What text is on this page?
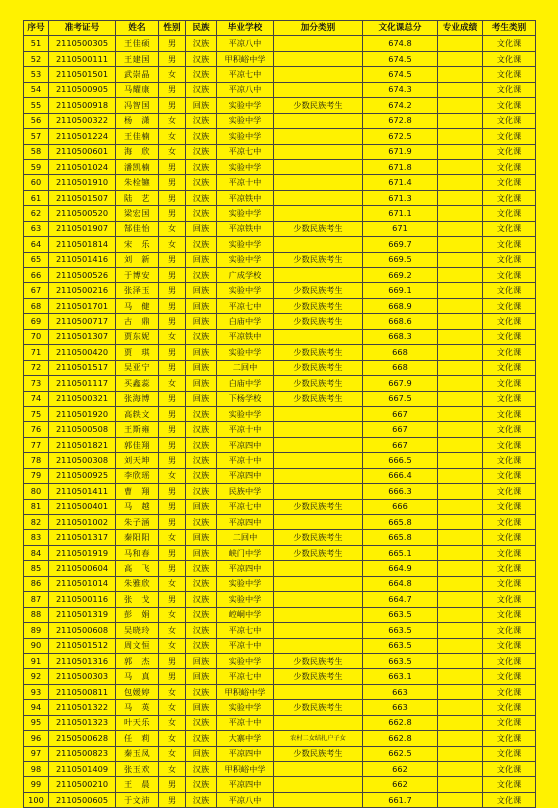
序号	准考证号	姓名	性别	民族	毕业学校	加分类别	文化课总分	专业成绩	考生类别
51	2110500305	王佳硕	男	汉族	平凉八中		674.8		文化课
52	2110500111	王建国	男	汉族	甲积峪中学		674.5		文化课
53	2110501501	武崇晶	女	汉族	平凉七中		674.5		文化课
54	2110500905	马耀康	男	汉族	平凉八中		674.3		文化课
55	2110500918	冯智国	男	回族	实验中学	少数民族考生	674.2		文化课
56	2110500322	杨　潇	女	汉族	实验中学		672.8		文化课
57	2110501224	王佳楠	女	汉族	实验中学		672.5		文化课
58	2110500601	海　欣	女	汉族	平凉七中		671.9		文化课
59	2110501024	潘凯楠	男	汉族	实验中学		671.8		文化课
60	2110501910	朱栓镳	男	汉族	平凉十中		671.4		文化课
61	2110501507	陆　艺	男	汉族	平凉铁中		671.3		文化课
62	2110500520	梁宏国	男	汉族	实验中学		671.1		文化课
63	2110501907	郜佳怡	女	回族	平凉铁中	少数民族考生	671		文化课
64	2110501814	宋　乐	女	汉族	实验中学		669.7		文化课
65	2110501416	刘　新	男	回族	实验中学	少数民族考生	669.5		文化课
66	2110500526	于博安	男	汉族	广成学校		669.2		文化课
67	2110500216	张泽玉	男	回族	实验中学	少数民族考生	669.1		文化课
68	2110501701	马　健	男	回族	平凉七中	少数民族考生	668.9		文化课
69	2110500717	古　鼎	男	回族	白庙中学	少数民族考生	668.6		文化课
70	2110501307	贾东妮	女	汉族	平凉铁中		668.3		文化课
71	2110500420	贾　琪	男	回族	实验中学	少数民族考生	668		文化课
72	2110501517	吴亚宁	男	回族	二回中	少数民族考生	668		文化课
73	2110501117	买鑫蕊	女	回族	白庙中学	少数民族考生	667.9		文化课
74	2110500321	张海博	男	回族	下杨学校	少数民族考生	667.5		文化课
75	2110501920	高轶文	男	汉族	实验中学		667		文化课
76	2110500508	王斯雍	男	汉族	平凉十中		667		文化课
77	2110501821	郭佳翔	男	汉族	平凉四中		667		文化课
78	2110500308	刘天坤	男	汉族	平凉十中		666.5		文化课
79	2110500925	李欣瑶	女	汉族	平凉四中		666.4		文化课
80	2110501411	曹　翔	男	汉族	民族中学		666.3		文化课
81	2110500401	马　越	男	回族	平凉七中	少数民族考生	666		文化课
82	2110501002	朱子涵	男	汉族	平凉四中		665.8		文化课
83	2110501317	秦阳阳	女	回族	二回中	少数民族考生	665.8		文化课
84	2110501919	马和春	男	回族	峡门中学	少数民族考生	665.1		文化课
85	2110500604	高　飞	男	汉族	平凉四中		664.9		文化课
86	2110501014	朱雅欣	女	汉族	实验中学		664.8		文化课
87	2110500116	张　戈	男	汉族	实验中学		664.7		文化课
88	2110501319	彭　娟	女	汉族	崆峒中学		663.5		文化课
89	2110500608	吴晓玲	女	汉族	平凉七中		663.5		文化课
90	2110501512	周文恒	女	汉族	平凉十中		663.5		文化课
91	2110501316	郭　杰	男	回族	实验中学	少数民族考生	663.5		文化课
92	2110500303	马　真	男	回族	平凉七中	少数民族考生	663.1		文化课
93	2110500811	包媛婷	女	汉族	甲积峪中学		663		文化课
94	2110501322	马　英	女	回族	实验中学	少数民族考生	663		文化课
95	2110501323	叶天乐	女	汉族	平凉十中		662.8		文化课
96	2150500628	任　莉	女	汉族	大寨中学	农村二女结扎户子女	662.8		文化课
97	2110500823	秦玉凤	女	回族	平凉四中	少数民族考生	662.5		文化课
98	2110501409	张玉欢	女	汉族	甲积峪中学		662		文化课
99	2110500210	王　晨	男	汉族	平凉四中		662		文化课
100	2110500605	于文沛	男	汉族	平凉八中		661.7		文化课
